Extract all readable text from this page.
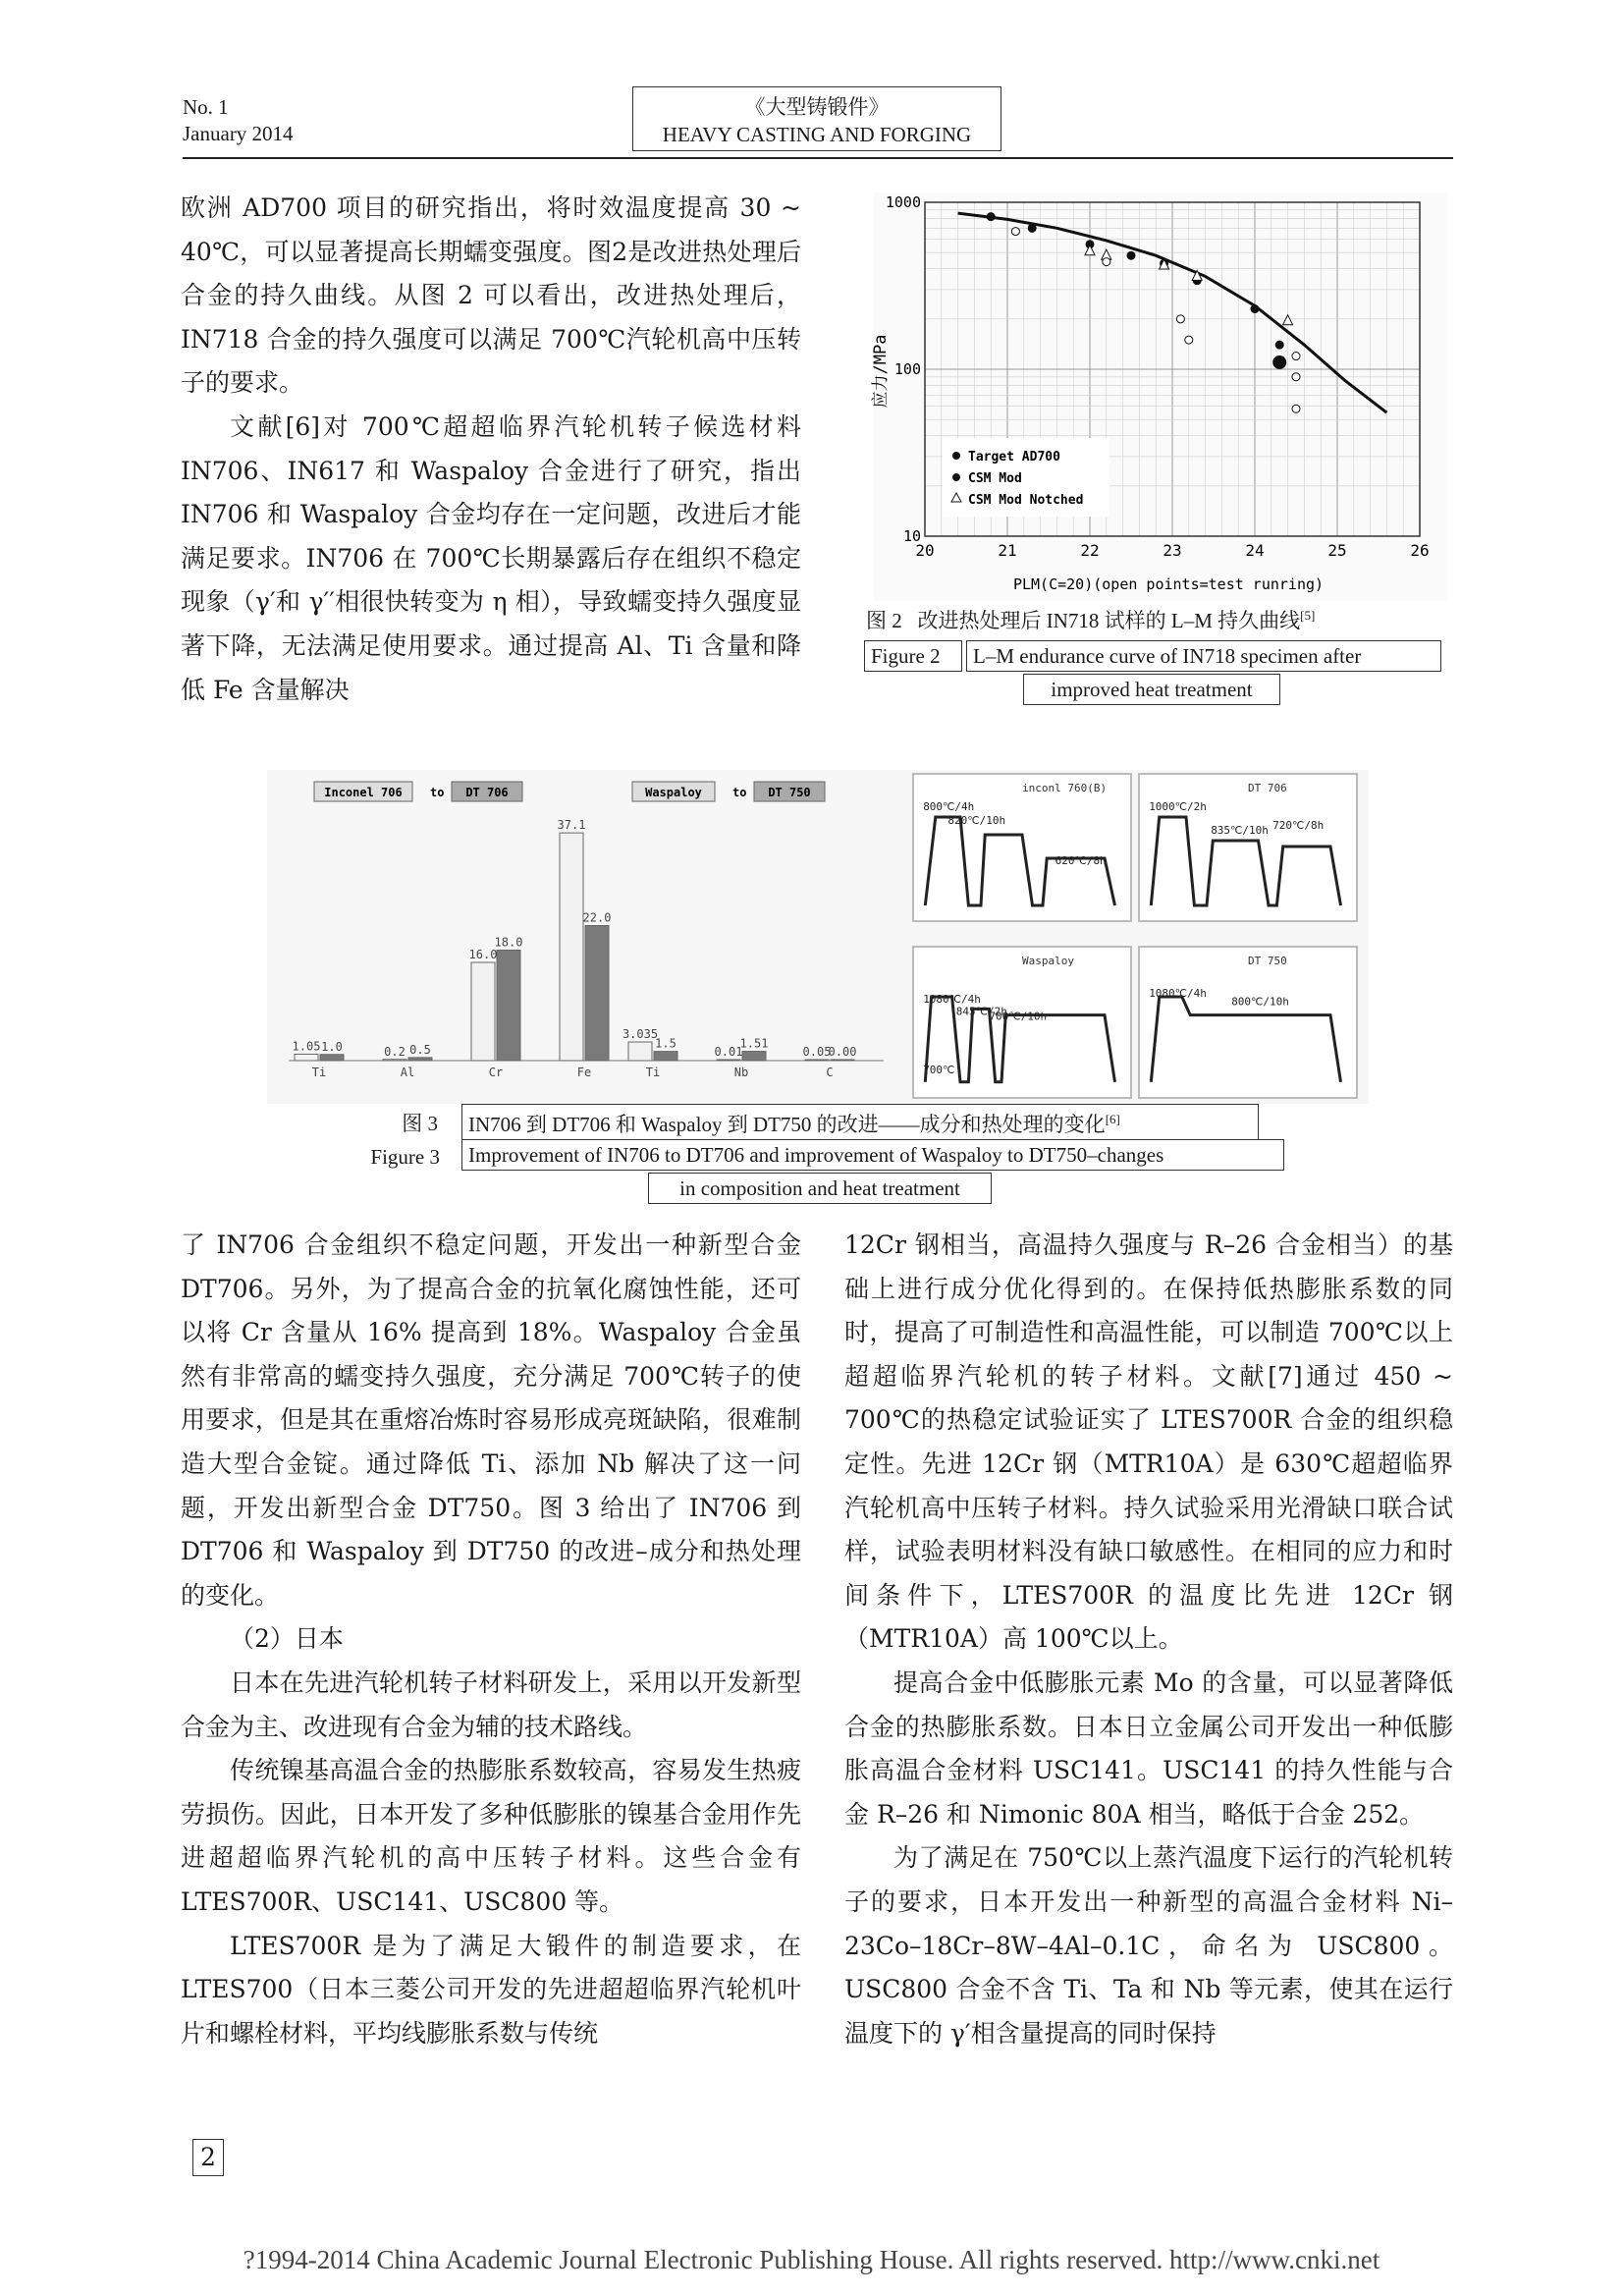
No. 1
January 2014
《大型铸锻件》
HEAVY CASTING AND FORGING

欧洲 AD700 项目的研究指出，将时效温度提高 30 ~ 40℃，可以显著提高长期蠕变强度。图2是改进热处理后合金的持久曲线。从图 2 可以看出，改进热处理后，IN718 合金的持久强度可以满足 700℃汽轮机高中压转子的要求。

文献[6]对 700℃超超临界汽轮机转子候选材料 IN706、IN617 和 Waspaloy 合金进行了研究，指出 IN706 和 Waspaloy 合金均存在一定问题，改进后才能满足要求。IN706 在 700℃长期暴露后存在组织不稳定现象（γ′和 γ′′相很快转变为 η 相），导致蠕变持久强度显著下降，无法满足使用要求。通过提高 Al、Ti 含量和降低 Fe 含量解决

20	21	22	23	24	25	26
10
100
1000
PLM(C=20)(open points=test runring)
应力/MPa
Target AD700
CSM Mod
CSM Mod Notched
图 2 改进热处理后 IN718 试样的 L–M 持久曲线[5]
Figure 2	L–M endurance curve of IN718 specimen after
improved heat treatment
Inconel 706 to DT 706	Waspaloy	to DT 750
1.05 1.0
Ti
0.2 0.5
Al
16.0
18.0
Cr
37.1
22.0
Fe
3.035
1.5
Ti
0.01
1.51
Nb
0.05
0.00
C
inconl 760(B)
800℃/4h
820℃/10h
620℃/8h
DT 706
1000℃/2h
835℃/10h 720℃/8h
Waspaloy
1080℃/4h
845℃/2h
700℃/10h
700℃
DT 750
1080℃/4h
800℃/10h
图 3	IN706 到 DT706 和 Waspaloy 到 DT750 的改进——成分和热处理的变化[6]
Figure 3	Improvement of IN706 to DT706 and improvement of Waspaloy to DT750–changes
in composition and heat treatment

了 IN706 合金组织不稳定问题，开发出一种新型合金 DT706。另外，为了提高合金的抗氧化腐蚀性能，还可以将 Cr 含量从 16% 提高到 18%。Waspaloy 合金虽然有非常高的蠕变持久强度，充分满足 700℃转子的使用要求，但是其在重熔冶炼时容易形成亮斑缺陷，很难制造大型合金锭。通过降低 Ti、添加 Nb 解决了这一问题，开发出新型合金 DT750。图 3 给出了 IN706 到 DT706 和 Waspaloy 到 DT750 的改进–成分和热处理的变化。

（2）日本

日本在先进汽轮机转子材料研发上，采用以开发新型合金为主、改进现有合金为辅的技术路线。

传统镍基高温合金的热膨胀系数较高，容易发生热疲劳损伤。因此，日本开发了多种低膨胀的镍基合金用作先进超超临界汽轮机的高中压转子材料。这些合金有 LTES700R、USC141、USC800 等。

LTES700R 是为了满足大锻件的制造要求，在 LTES700（日本三菱公司开发的先进超超临界汽轮机叶片和螺栓材料，平均线膨胀系数与传统

12Cr 钢相当，高温持久强度与 R–26 合金相当）的基础上进行成分优化得到的。在保持低热膨胀系数的同时，提高了可制造性和高温性能，可以制造 700℃以上超超临界汽轮机的转子材料。文献[7]通过 450 ~ 700℃的热稳定试验证实了 LTES700R 合金的组织稳定性。先进 12Cr 钢（MTR10A）是 630℃超超临界汽轮机高中压转子材料。持久试验采用光滑缺口联合试样，试验表明材料没有缺口敏感性。在相同的应力和时间条件下，LTES700R 的温度比先进 12Cr 钢（MTR10A）高 100℃以上。

提高合金中低膨胀元素 Mo 的含量，可以显著降低合金的热膨胀系数。日本日立金属公司开发出一种低膨胀高温合金材料 USC141。USC141 的持久性能与合金 R–26 和 Nimonic 80A 相当，略低于合金 252。

为了满足在 750℃以上蒸汽温度下运行的汽轮机转子的要求，日本开发出一种新型的高温合金材料 Ni–23Co–18Cr–8W–4Al–0.1C，命名为 USC800。USC800 合金不含 Ti、Ta 和 Nb 等元素，使其在运行温度下的 γ′相含量提高的同时保持

2
?1994-2014 China Academic Journal Electronic Publishing House. All rights reserved. http://www.cnki.net
